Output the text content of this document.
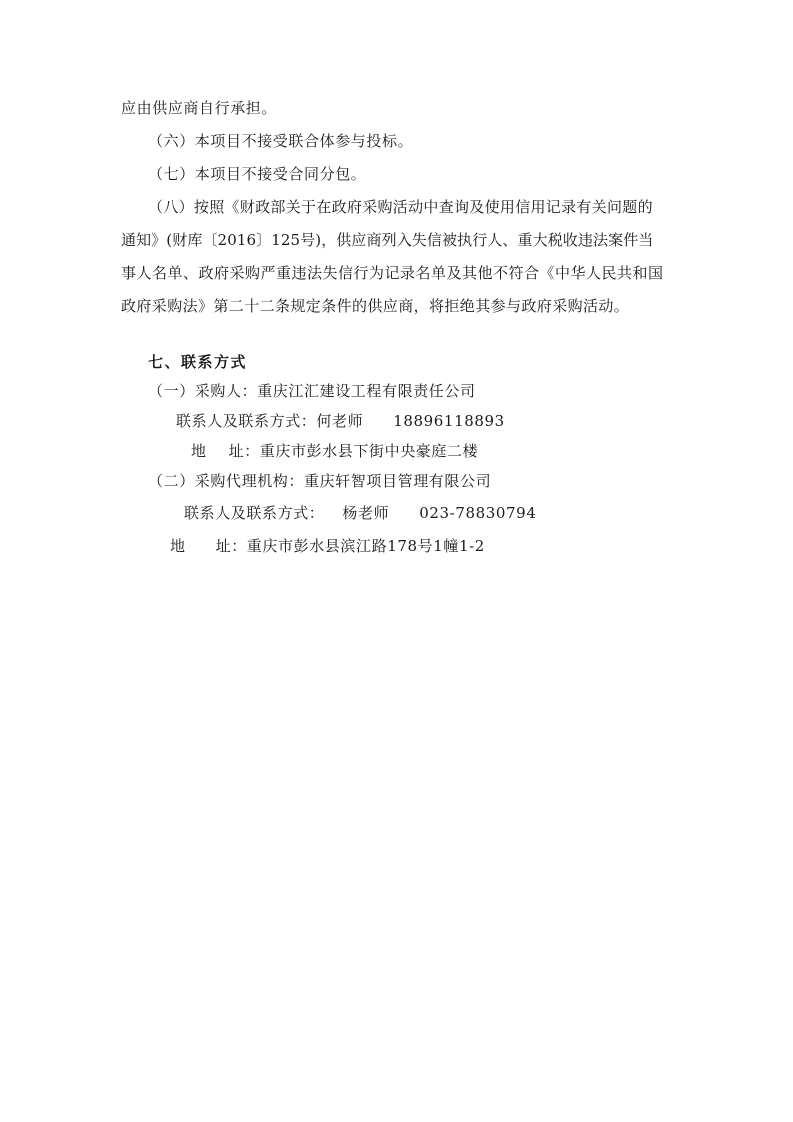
应由供应商自行承担。
（六）本项目不接受联合体参与投标。
（七）本项目不接受合同分包。
（八）按照《财政部关于在政府采购活动中查询及使用信用记录有关问题的
通知》(财库〔2016〕125号)，供应商列入失信被执行人、重大税收违法案件当
事人名单、政府采购严重违法失信行为记录名单及其他不符合《中华人民共和国
政府采购法》第二十二条规定条件的供应商，将拒绝其参与政府采购活动。
七、联系方式
（一）采购人：重庆江汇建设工程有限责任公司
联系人及联系方式：何老师 18896118893
地 址：重庆市彭水县下街中央豪庭二楼
（二）采购代理机构：重庆轩智项目管理有限公司
联系人及联系方式： 杨老师 023-78830794
地 址：重庆市彭水县滨江路178号1幢1-2
